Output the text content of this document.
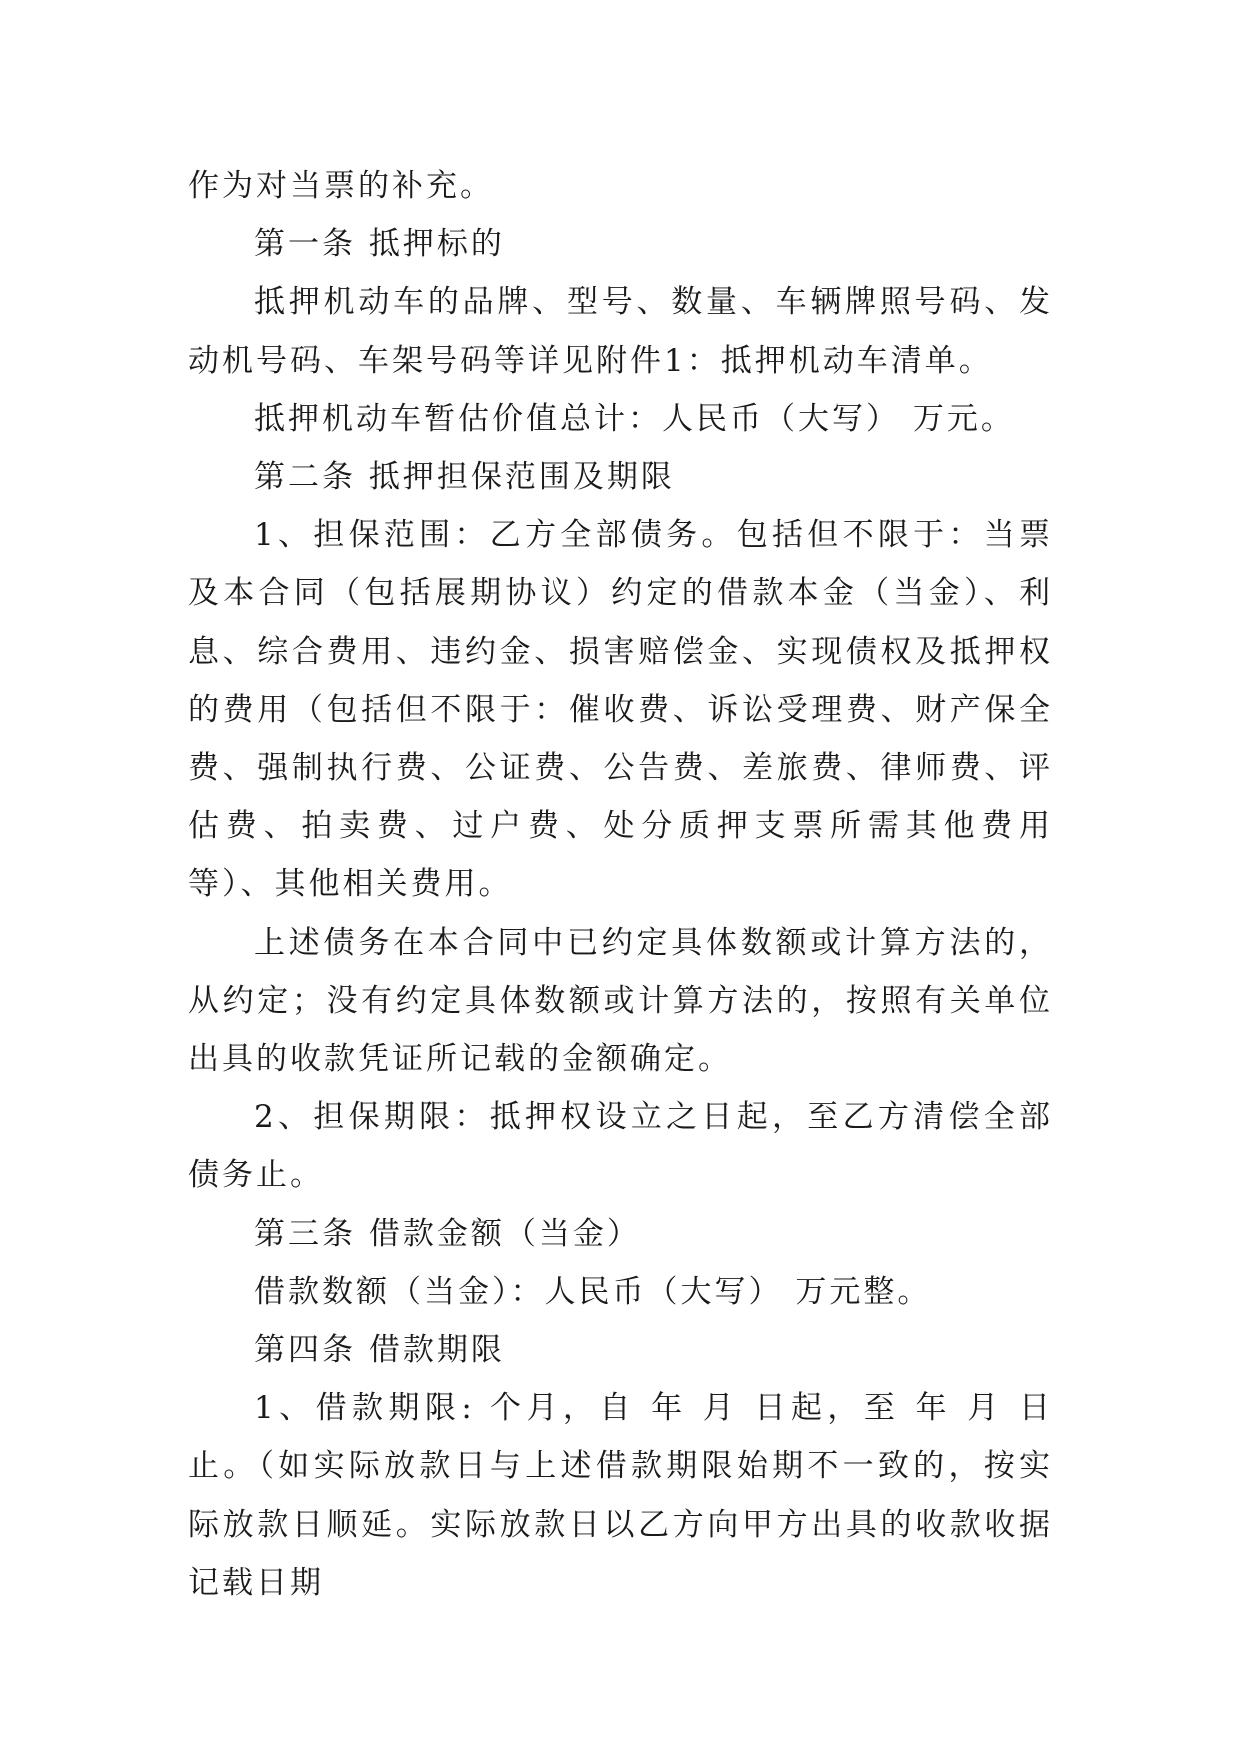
作为对当票的补充。

第一条 抵押标的

抵押机动车的品牌、型号、数量、车辆牌照号码、发动机号码、车架号码等详见附件1：抵押机动车清单。

抵押机动车暂估价值总计：人民币（大写） 万元。

第二条 抵押担保范围及期限

1、担保范围：乙方全部债务。包括但不限于：当票及本合同（包括展期协议）约定的借款本金（当金）、利息、综合费用、违约金、损害赔偿金、实现债权及抵押权的费用（包括但不限于：催收费、诉讼受理费、财产保全费、强制执行费、公证费、公告费、差旅费、律师费、评估费、拍卖费、过户费、处分质押支票所需其他费用等）、其他相关费用。

上述债务在本合同中已约定具体数额或计算方法的，从约定；没有约定具体数额或计算方法的，按照有关单位出具的收款凭证所记载的金额确定。

2、担保期限：抵押权设立之日起，至乙方清偿全部债务止。

第三条 借款金额（当金）

借款数额（当金）：人民币（大写） 万元整。

第四条 借款期限

1、借款期限: 个月，自 年 月 日起，至 年 月 日止。（如实际放款日与上述借款期限始期不一致的，按实际放款日顺延。实际放款日以乙方向甲方出具的收款收据记载日期
